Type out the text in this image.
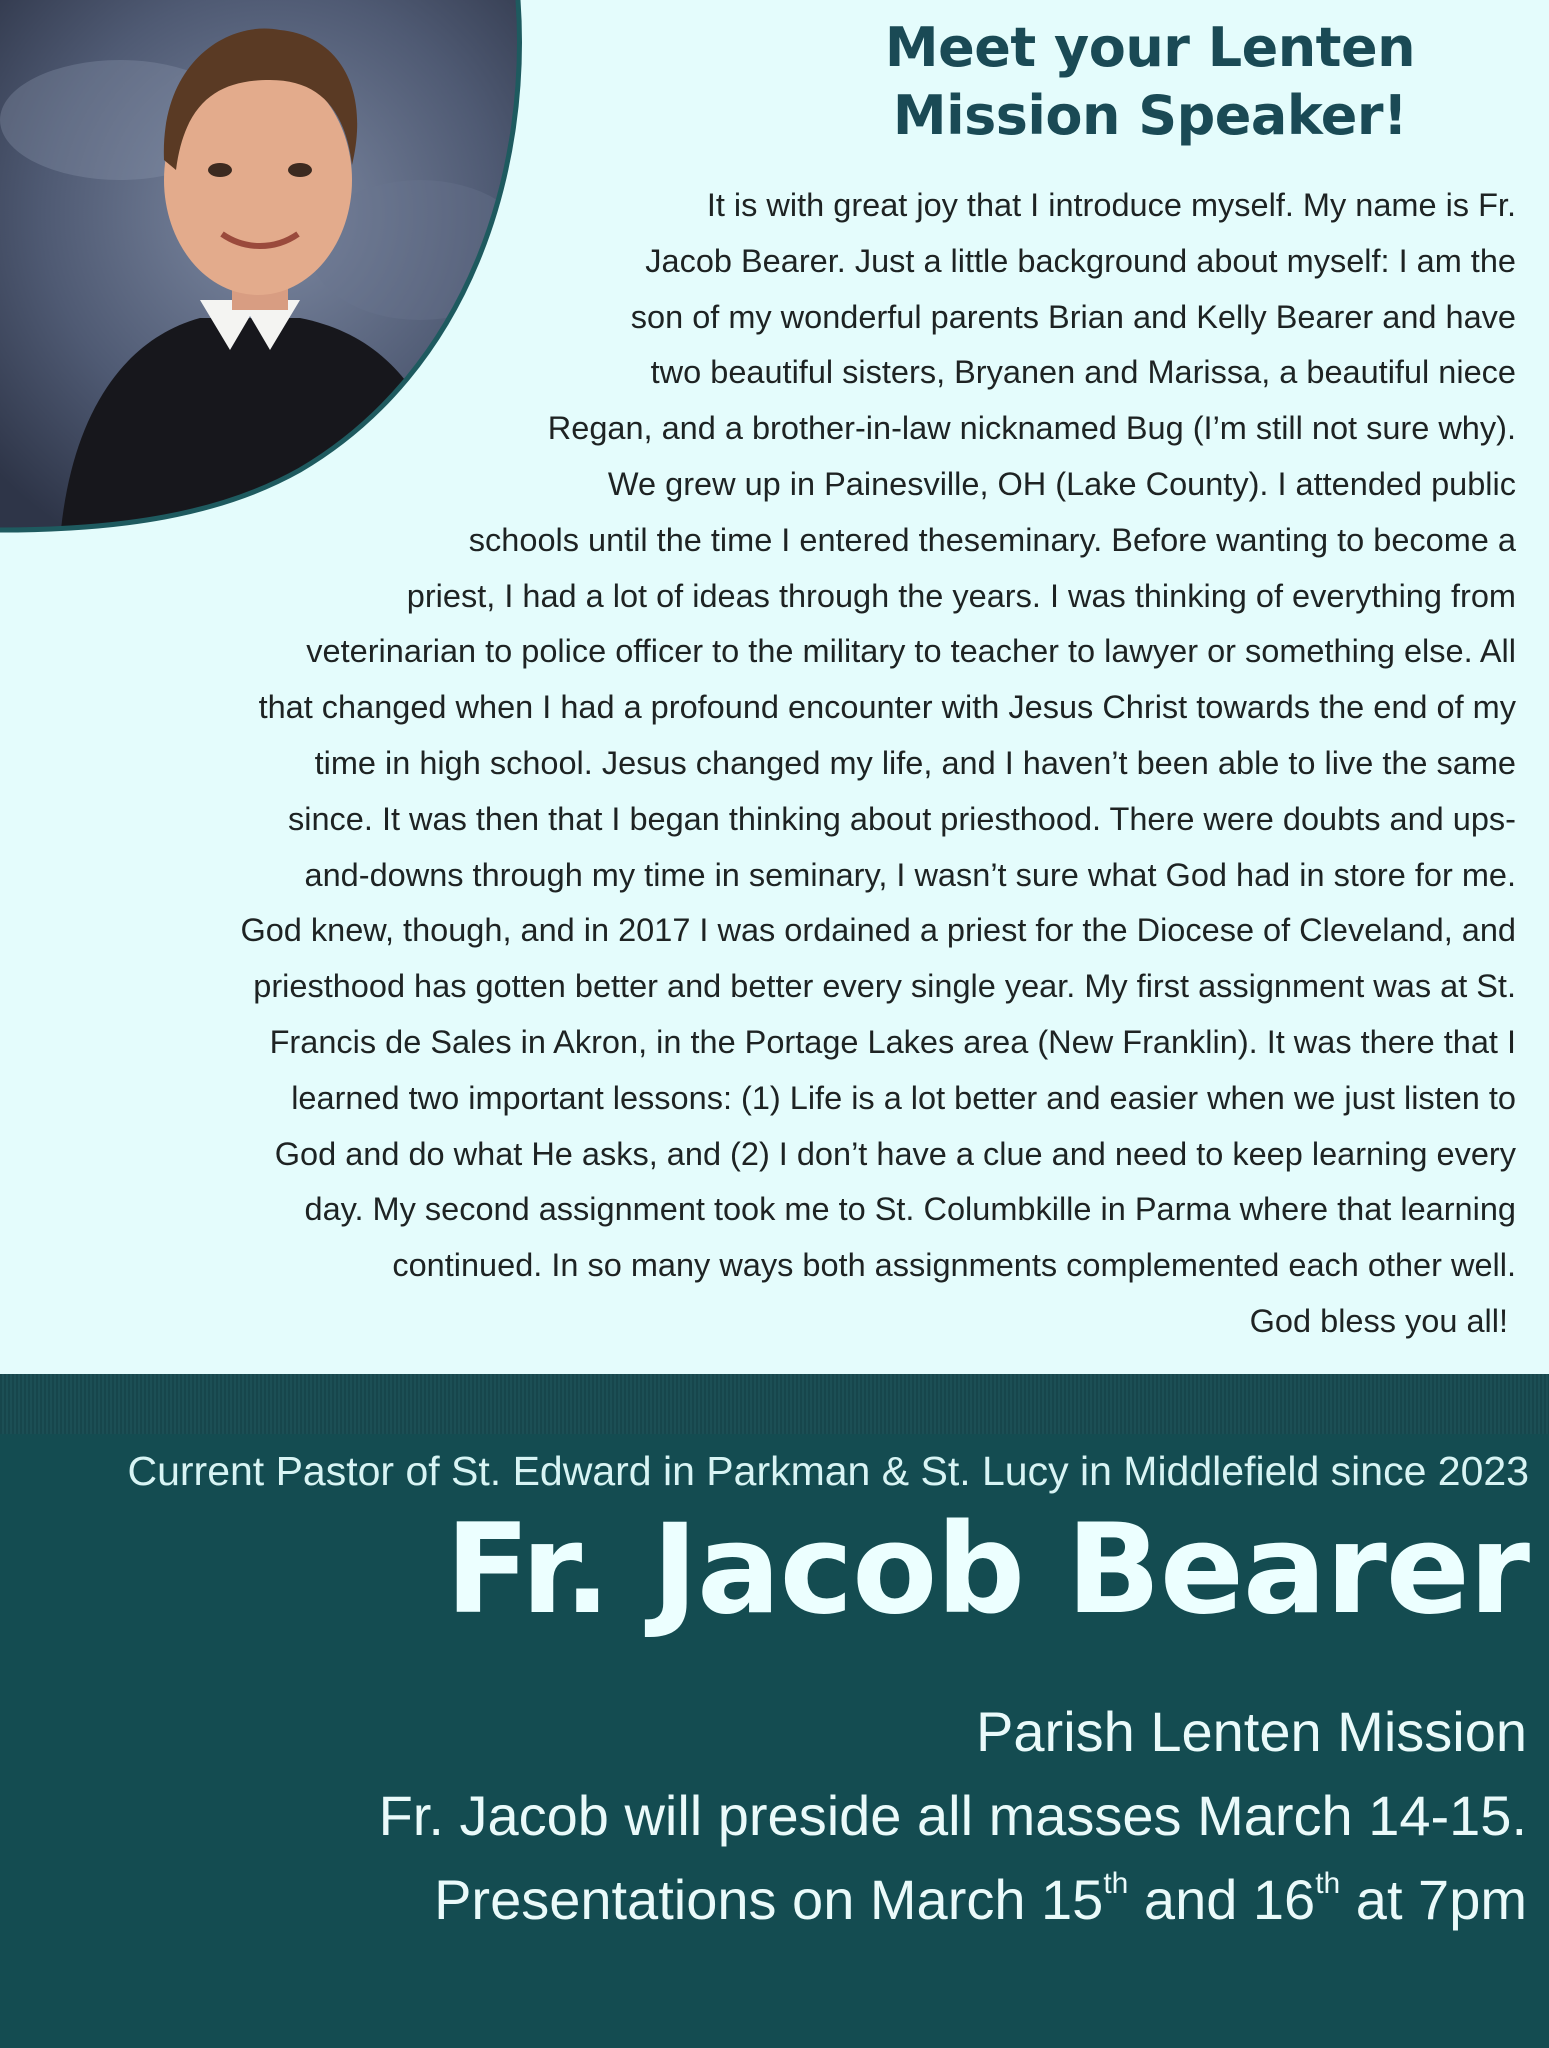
Meet your Lenten
Mission Speaker!
It is with great joy that I introduce myself. My name is Fr.
Jacob Bearer. Just a little background about myself: I am the
son of my wonderful parents Brian and Kelly Bearer and have
two beautiful sisters, Bryanen and Marissa, a beautiful niece
Regan, and a brother-in-law nicknamed Bug (I’m still not sure why).
We grew up in Painesville, OH (Lake County). I attended public
schools until the time I entered theseminary. Before wanting to become a
priest, I had a lot of ideas through the years. I was thinking of everything from
veterinarian to police officer to the military to teacher to lawyer or something else. All
that changed when I had a profound encounter with Jesus Christ towards the end of my
time in high school. Jesus changed my life, and I haven’t been able to live the same
since. It was then that I began thinking about priesthood. There were doubts and ups-
and-downs through my time in seminary, I wasn’t sure what God had in store for me.
God knew, though, and in 2017 I was ordained a priest for the Diocese of Cleveland, and
priesthood has gotten better and better every single year. My first assignment was at St.
Francis de Sales in Akron, in the Portage Lakes area (New Franklin). It was there that I
learned two important lessons: (1) Life is a lot better and easier when we just listen to
God and do what He asks, and (2) I don’t have a clue and need to keep learning every
day. My second assignment took me to St. Columbkille in Parma where that learning
continued. In so many ways both assignments complemented each other well.
God bless you all!
Current Pastor of St. Edward in Parkman & St. Lucy in Middlefield since 2023
Fr. Jacob Bearer
Parish Lenten Mission
Fr. Jacob will preside all masses March 14-15.
Presentations on March 15th and 16th at 7pm
